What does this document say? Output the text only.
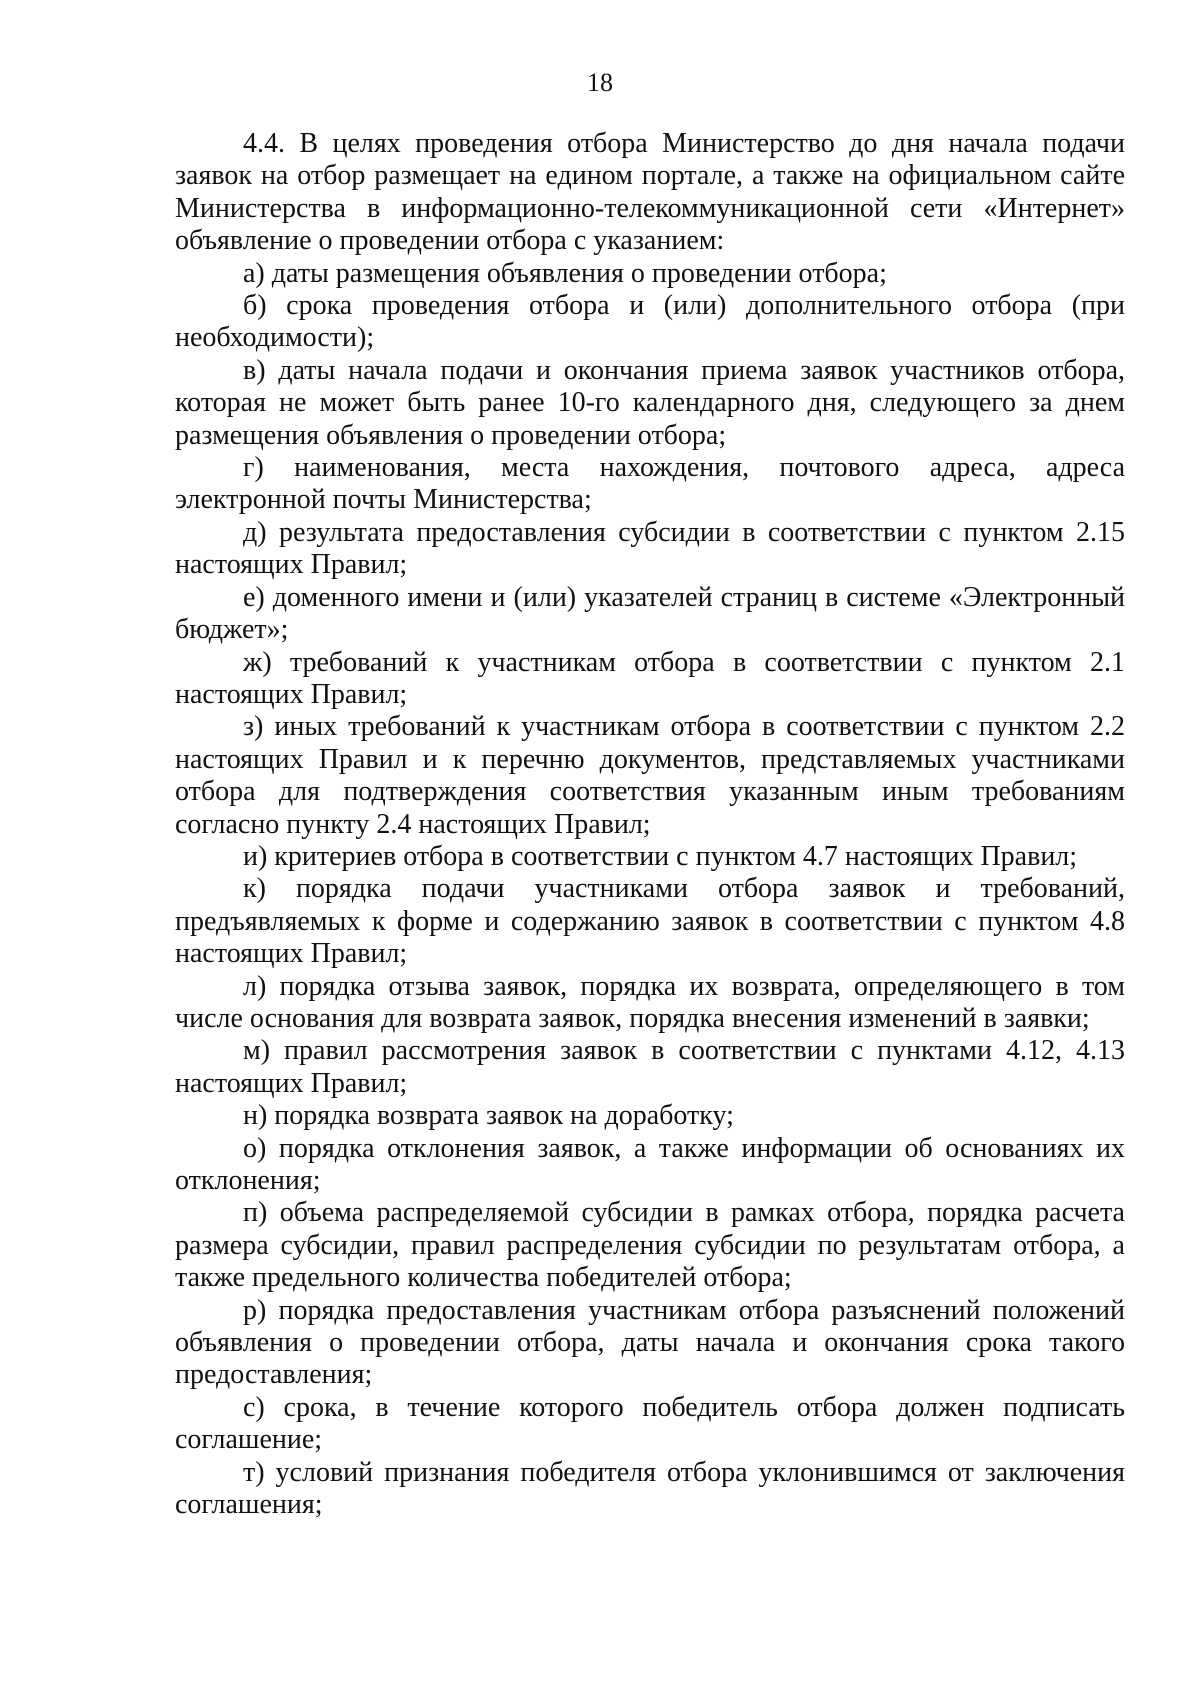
18

4.4. В целях проведения отбора Министерство до дня начала подачи заявок на отбор размещает на едином портале, а также на официальном сайте Министерства в информационно-телекоммуникационной сети «Интернет» объявление о проведении отбора с указанием:

а) даты размещения объявления о проведении отбора;

б) срока проведения отбора и (или) дополнительного отбора (при необходимости);

в) даты начала подачи и окончания приема заявок участников отбора, которая не может быть ранее 10-го календарного дня, следующего за днем размещения объявления о проведении отбора;

г) наименования, места нахождения, почтового адреса, адреса электронной почты Министерства;

д) результата предоставления субсидии в соответствии с пунктом 2.15 настоящих Правил;

е) доменного имени и (или) указателей страниц в системе «Электронный бюджет»;

ж) требований к участникам отбора в соответствии с пунктом 2.1 настоящих Правил;

з) иных требований к участникам отбора в соответствии с пунктом 2.2 настоящих Правил и к перечню документов, представляемых участниками отбора для подтверждения соответствия указанным иным требованиям согласно пункту 2.4 настоящих Правил;

и) критериев отбора в соответствии с пунктом 4.7 настоящих Правил;

к) порядка подачи участниками отбора заявок и требований, предъявляемых к форме и содержанию заявок в соответствии с пунктом 4.8 настоящих Правил;

л) порядка отзыва заявок, порядка их возврата, определяющего в том числе основания для возврата заявок, порядка внесения изменений в заявки;

м) правил рассмотрения заявок в соответствии с пунктами 4.12, 4.13 настоящих Правил;

н) порядка возврата заявок на доработку;

о) порядка отклонения заявок, а также информации об основаниях их отклонения;

п) объема распределяемой субсидии в рамках отбора, порядка расчета размера субсидии, правил распределения субсидии по результатам отбора, а также предельного количества победителей отбора;

р) порядка предоставления участникам отбора разъяснений положений объявления о проведении отбора, даты начала и окончания срока такого предоставления;

с) срока, в течение которого победитель отбора должен подписать соглашение;

т) условий признания победителя отбора уклонившимся от заключения соглашения;
